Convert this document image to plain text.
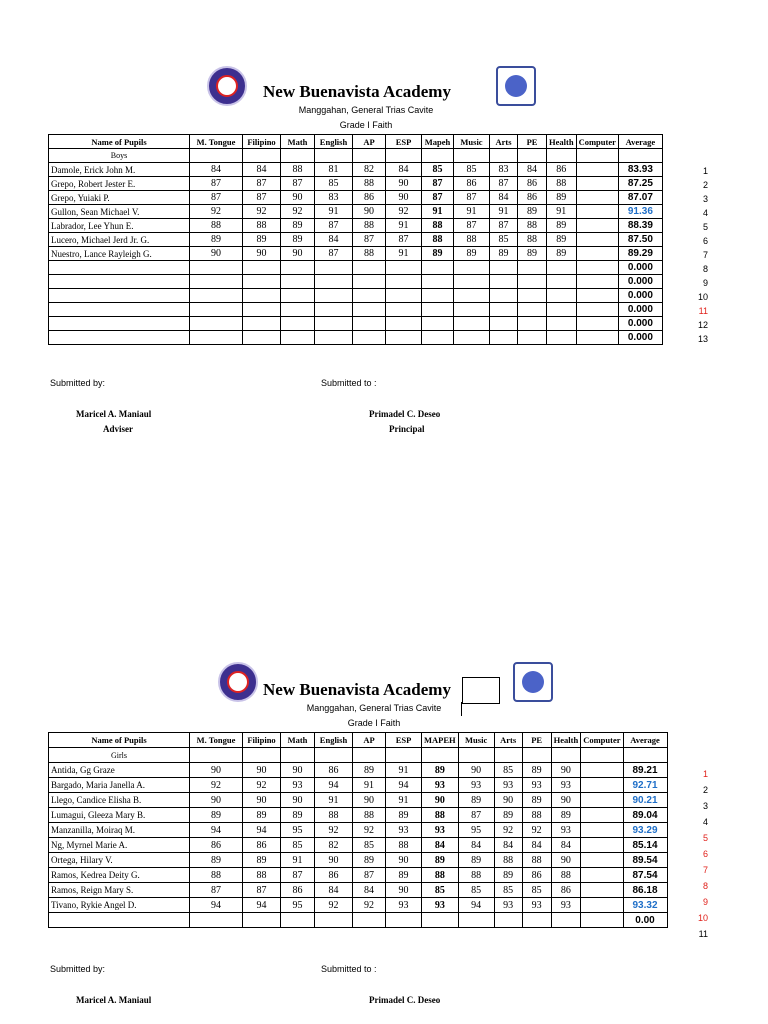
New Buenavista Academy
Manggahan, General Trias Cavite
Grade I Faith
Name of Pupils	M. Tongue	Filipino	Math	English	AP	ESP	Mapeh	Music	Arts	PE	Health	Computer	Average
Boys													
Damole, Erick John M.	84	84	88	81	82	84	85	85	83	84	86		83.93
Grepo, Robert Jester E.	87	87	87	85	88	90	87	86	87	86	88		87.25
Grepo, Yuiaki P.	87	87	90	83	86	90	87	87	84	86	89		87.07
Gullon, Sean Michael V.	92	92	92	91	90	92	91	91	91	89	91		91.36
Labrador, Lee Yhun E.	88	88	89	87	88	91	88	87	87	88	89		88.39
Lucero, Michael Jerd Jr. G.	89	89	89	84	87	87	88	88	85	88	89		87.50
Nuestro, Lance Rayleigh G.	90	90	90	87	88	91	89	89	89	89	89		89.29
													0.000
													0.000
													0.000
													0.000
													0.000
													0.000
1
2
3
4
5
6
7
8
9
10
11
12
13
Submitted by:	Submitted to :
Maricel A. Maniaul
Adviser
Primadel C. Deseo
Principal
New Buenavista Academy
Manggahan, General Trias Cavite
Grade I Faith
Name of Pupils	M. Tongue	Filipino	Math	English	AP	ESP	MAPEH	Music	Arts	PE	Health	Computer	Average
Girls													
Antida, Gg Graze	90	90	90	86	89	91	89	90	85	89	90		89.21
Bargado, Maria Janella A.	92	92	93	94	91	94	93	93	93	93	93		92.71
Llego, Candice Elisha B.	90	90	90	91	90	91	90	89	90	89	90		90.21
Lumagui, Gleeza Mary B.	89	89	89	88	88	89	88	87	89	88	89		89.04
Manzanilla, Moiraq M.	94	94	95	92	92	93	93	95	92	92	93		93.29
Ng, Myrnel Marie A.	86	86	85	82	85	88	84	84	84	84	84		85.14
Ortega, Hilary V.	89	89	91	90	89	90	89	89	88	88	90		89.54
Ramos, Kedrea Deity G.	88	88	87	86	87	89	88	88	89	86	88		87.54
Ramos, Reign Mary S.	87	87	86	84	84	90	85	85	85	85	86		86.18
Tivano, Rykie Angel D.	94	94	95	92	92	93	93	94	93	93	93		93.32
													0.00
1
2
3
4
5
6
7
8
9
10
11
Submitted by:	Submitted to :
Maricel A. Maniaul	Primadel C. Deseo
